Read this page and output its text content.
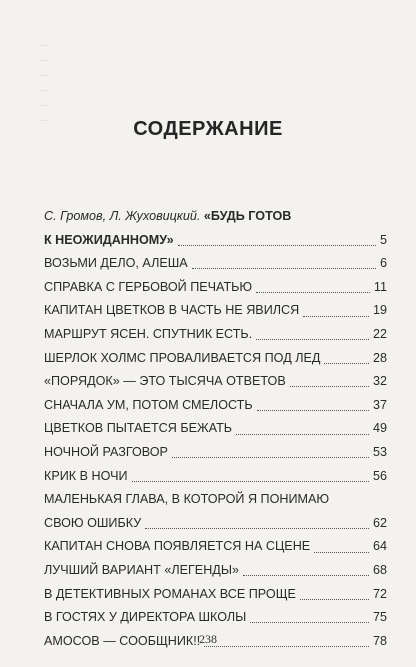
...
...
...
...
...
...	СОДЕРЖАНИЕ
С. Громов, Л. Жуховицкий. «БУДЬ ГОТОВ
К НЕОЖИДАННОМУ»	5
ВОЗЬМИ ДЕЛО, АЛЕША	6
СПРАВКА С ГЕРБОВОЙ ПЕЧАТЬЮ	11
КАПИТАН ЦВЕТКОВ В ЧАСТЬ НЕ ЯВИЛСЯ	19
МАРШРУТ ЯСЕН. СПУТНИК ЕСТЬ.	22
ШЕРЛОК ХОЛМС ПРОВАЛИВАЕТСЯ ПОД ЛЕД	28
«ПОРЯДОК» — ЭТО ТЫСЯЧА ОТВЕТОВ	32
СНАЧАЛА УМ, ПОТОМ СМЕЛОСТЬ	37
ЦВЕТКОВ ПЫТАЕТСЯ БЕЖАТЬ	49
НОЧНОЙ РАЗГОВОР	53
КРИК В НОЧИ	56
МАЛЕНЬКАЯ ГЛАВА, В КОТОРОЙ Я ПОНИМАЮ
СВОЮ ОШИБКУ	62
КАПИТАН СНОВА ПОЯВЛЯЕТСЯ НА СЦЕНЕ	64
ЛУЧШИЙ ВАРИАНТ «ЛЕГЕНДЫ»	68
В ДЕТЕКТИВНЫХ РОМАНАХ ВСЕ ПРОЩЕ	72
В ГОСТЯХ У ДИРЕКТОРА ШКОЛЫ	75
АМОСОВ — СООБЩНИК!!	78
238
